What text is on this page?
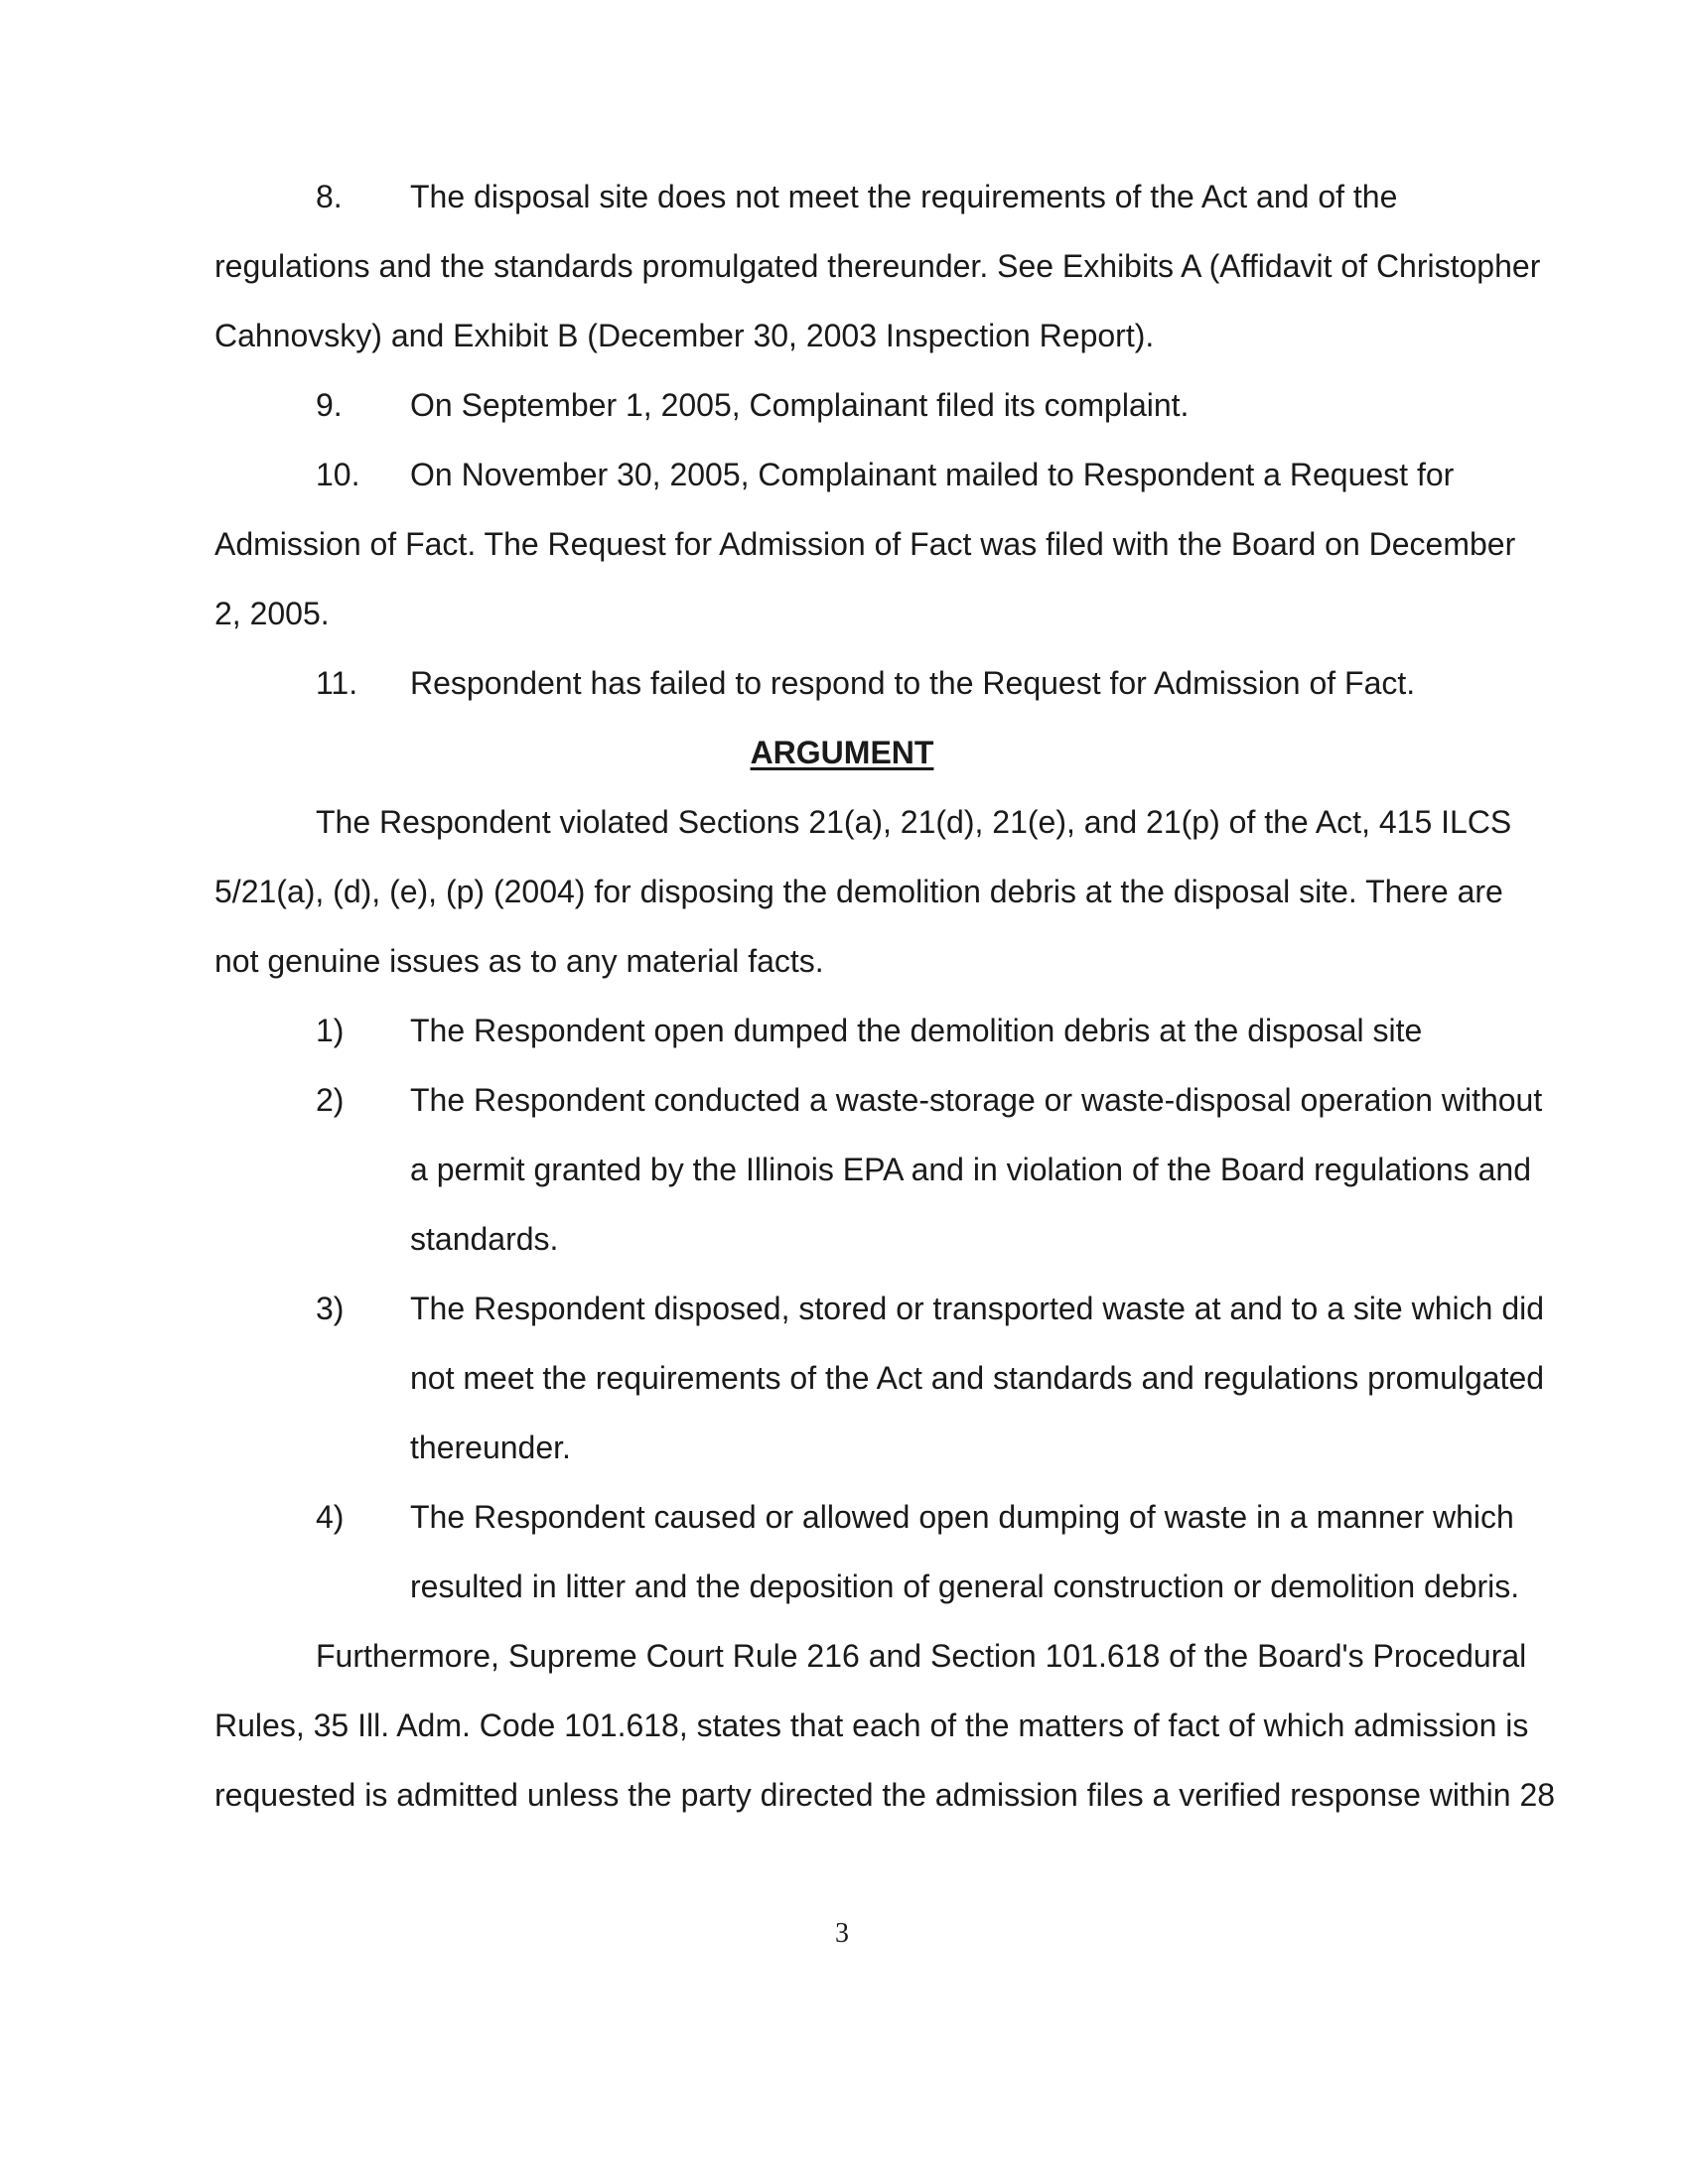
8. The disposal site does not meet the requirements of the Act and of the
regulations and the standards promulgated thereunder. See Exhibits A (Affidavit of Christopher
Cahnovsky) and Exhibit B (December 30, 2003 Inspection Report).
9. On September 1, 2005, Complainant filed its complaint.
10. On November 30, 2005, Complainant mailed to Respondent a Request for
Admission of Fact. The Request for Admission of Fact was filed with the Board on December
2, 2005.
11. Respondent has failed to respond to the Request for Admission of Fact.
ARGUMENT
The Respondent violated Sections 21(a), 21(d), 21(e), and 21(p) of the Act, 415 ILCS
5/21(a), (d), (e), (p) (2004) for disposing the demolition debris at the disposal site. There are
not genuine issues as to any material facts.
1) The Respondent open dumped the demolition debris at the disposal site
2) The Respondent conducted a waste-storage or waste-disposal operation without
a permit granted by the Illinois EPA and in violation of the Board regulations and
standards.
3) The Respondent disposed, stored or transported waste at and to a site which did
not meet the requirements of the Act and standards and regulations promulgated
thereunder.
4) The Respondent caused or allowed open dumping of waste in a manner which
resulted in litter and the deposition of general construction or demolition debris.
Furthermore, Supreme Court Rule 216 and Section 101.618 of the Board's Procedural
Rules, 35 Ill. Adm. Code 101.618, states that each of the matters of fact of which admission is
requested is admitted unless the party directed the admission files a verified response within 28
3
